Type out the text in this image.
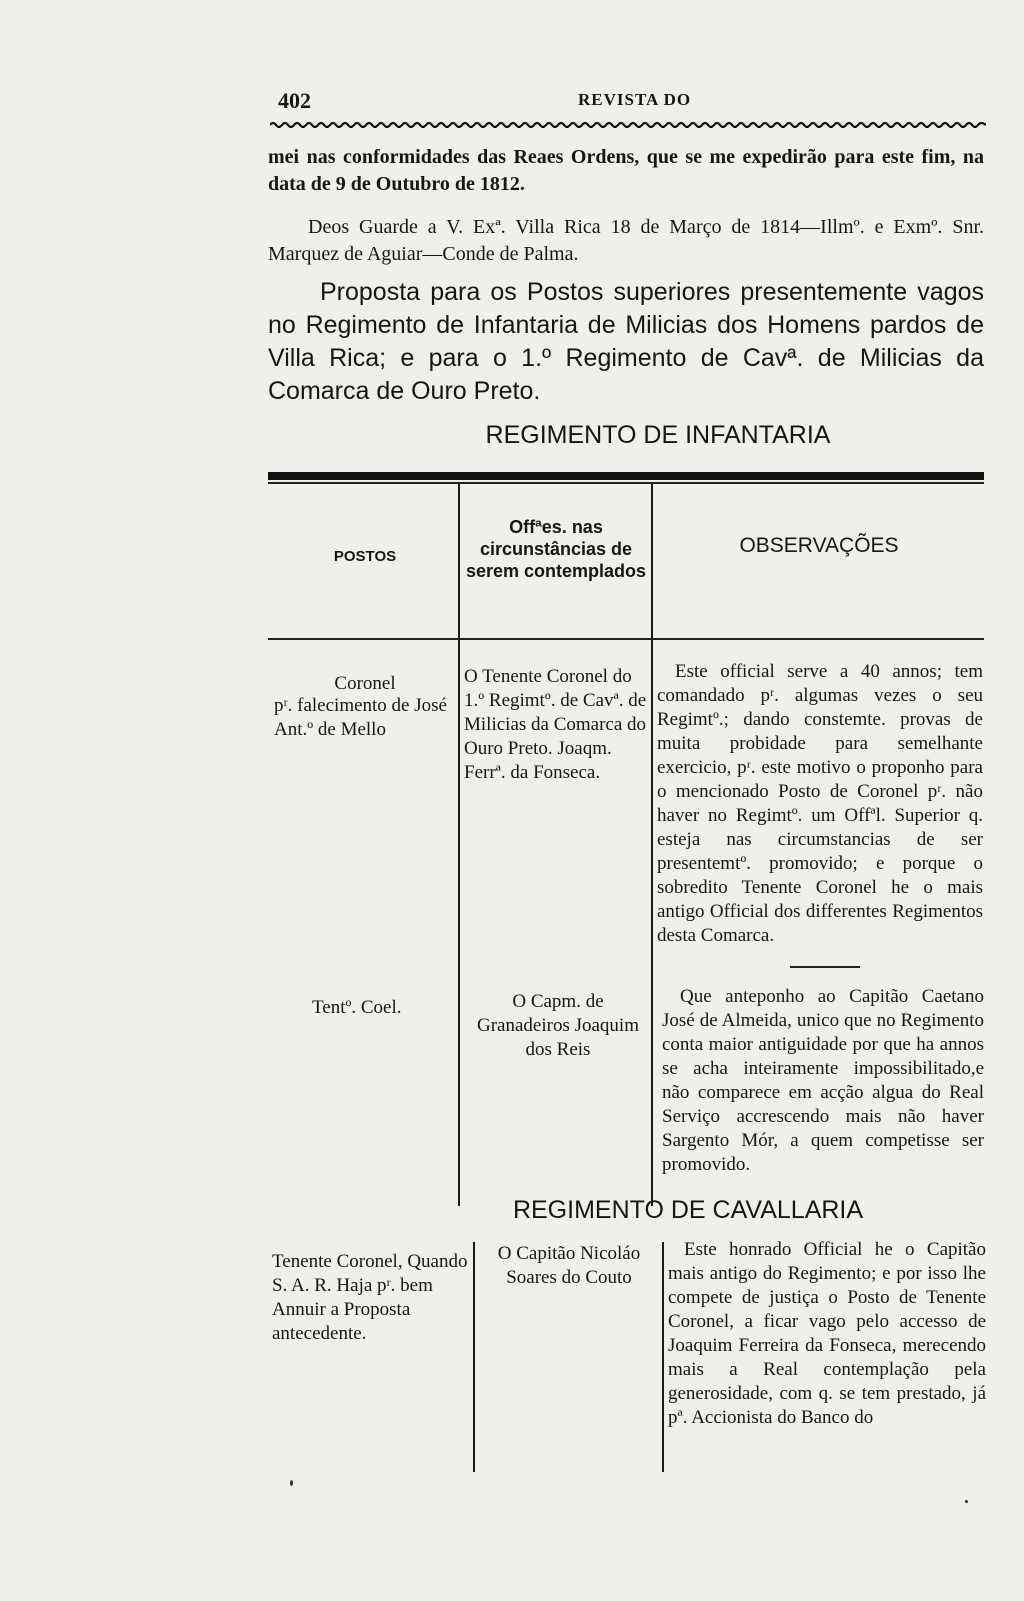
402	REVISTA DO
mei nas conformidades das Reaes Ordens, que se me expedirão para este fim, na data de 9 de Outubro de 1812.
Deos Guarde a V. Exª. Villa Rica 18 de Março de 1814—Illmº. e Exmº. Snr. Marquez de Aguiar—Conde de Palma.
Proposta para os Postos superiores presentemente vagos no Regimento de Infantaria de Milicias dos Homens pardos de Villa Rica; e para o 1.º Regimento de Cavª. de Milicias da Comarca de Ouro Preto.
REGIMENTO DE INFANTARIA
POSTOS
Offªes. nas circunstâncias de serem contemplados
OBSERVAÇÕES
Coronel
pʳ. falecimento de José Ant.º de Mello
O Tenente Coronel do 1.º Regimtº. de Cavª. de Milicias da Comarca do Ouro Preto. Joaqm. Ferrª. da Fonseca.
Este official serve a 40 annos; tem comandado pʳ. algumas vezes o seu Regimtº.; dando constemte. provas de muita probidade para semelhante exercicio, pʳ. este motivo o proponho para o mencionado Posto de Coronel pʳ. não haver no Regimtº. um Offªl. Superior q. esteja nas circumstancias de ser presentemtº. promovido; e porque o sobredito Tenente Coronel he o mais antigo Official dos differentes Regimentos desta Comarca.
Tentº. Coel.	O Capm. de Granadeiros Joaquim dos Reis
Que anteponho ao Capitão Caetano José de Almeida, unico que no Regimento conta maior antiguidade por que ha annos se acha inteiramente impossibilitado,e não comparece em acção algua do Real Serviço accrescendo mais não haver Sargento Mór, a quem competisse ser promovido.
REGIMENTO DE CAVALLARIA
Tenente Coronel, Quando S. A. R. Haja pʳ. bem Annuir a Proposta antecedente.
O Capitão Nicoláo Soares do Couto
Este honrado Official he o Capitão mais antigo do Regimento; e por isso lhe compete de justiça o Posto de Tenente Coronel, a ficar vago pelo accesso de Joaquim Ferreira da Fonseca, merecendo mais a Real contemplação pela generosidade, com q. se tem prestado, já pª. Accionista do Banco do
